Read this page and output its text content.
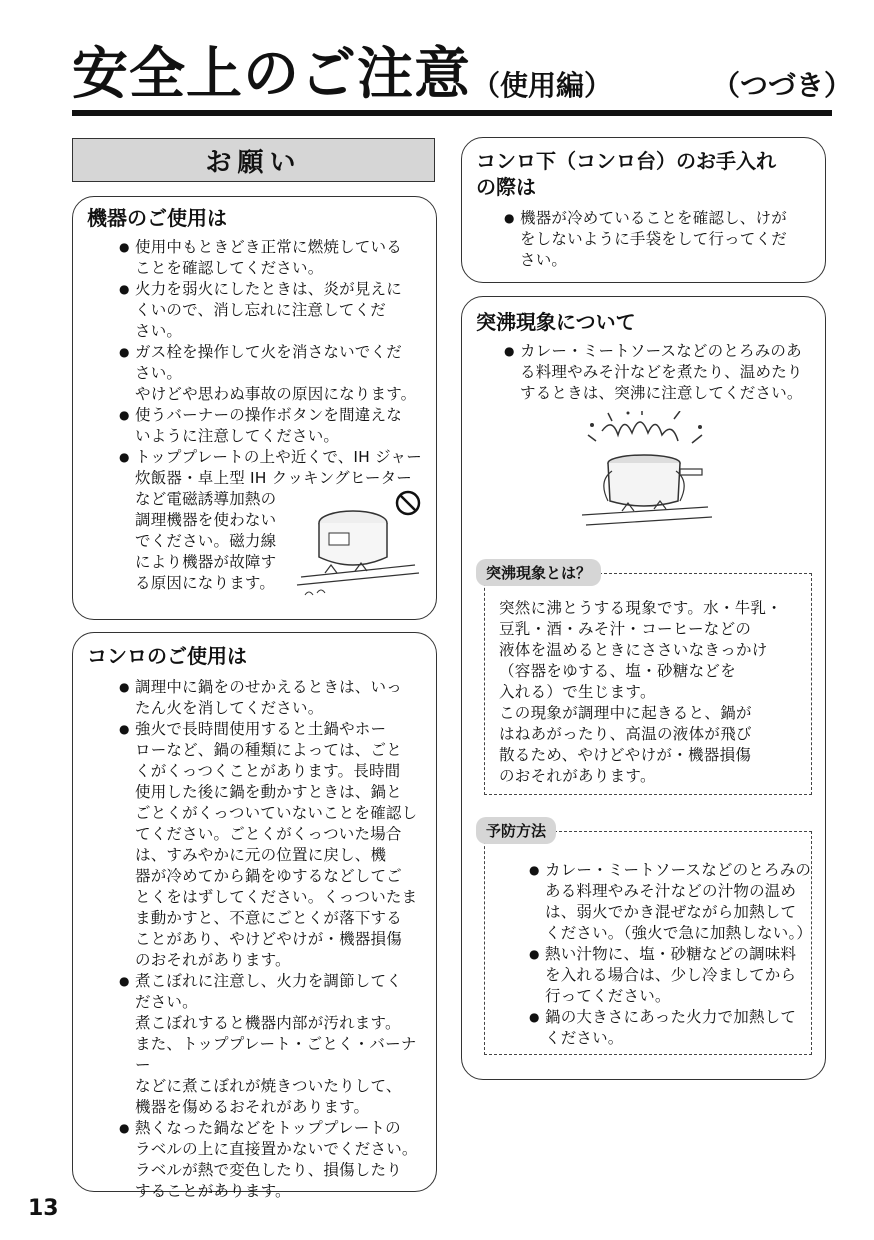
安全上のご注意 （使用編）	（つづき）
お願い

機器のご使用は

● 使用中もときどき正常に燃焼している
ことを確認してください。
● 火力を弱火にしたときは、炎が見えに
くいので、消し忘れに注意してくだ
さい。
● ガス栓を操作して火を消さないでくだ
さい。
やけどや思わぬ事故の原因になります。
● 使うバーナーの操作ボタンを間違えな
いように注意してください。
● トッププレートの上や近くで、IH ジャー
炊飯器・卓上型 IH クッキングヒーター
など電磁誘導加熱の
調理機器を使わない
でください。磁力線
により機器が故障す
る原因になります。

コンロのご使用は

● 調理中に鍋をのせかえるときは、いっ
たん火を消してください。
● 強火で長時間使用すると土鍋やホー
ローなど、鍋の種類によっては、ごと
くがくっつくことがあります。長時間
使用した後に鍋を動かすときは、鍋と
ごとくがくっついていないことを確認し
てください。ごとくがくっついた場合
は、すみやかに元の位置に戻し、機
器が冷めてから鍋をゆするなどしてご
とくをはずしてください。くっついたま
ま動かすと、不意にごとくが落下する
ことがあり、やけどやけが・機器損傷
のおそれがあります。
● 煮こぼれに注意し、火力を調節してく
ださい。
煮こぼれすると機器内部が汚れます。
また、トッププレート・ごとく・バーナー
などに煮こぼれが焼きついたりして、
機器を傷めるおそれがあります。
● 熱くなった鍋などをトッププレートの
ラベルの上に直接置かないでください。
ラベルが熱で変色したり、損傷したり
することがあります。

コンロ下（コンロ台）のお手入れ

の際は

● 機器が冷めていることを確認し、けが
をしないように手袋をして行ってくだ
さい。

突沸現象について

● カレー・ミートソースなどのとろみのあ
る料理やみそ汁などを煮たり、温めたり
するときは、突沸に注意してください。

突然に沸とうする現象です。水・牛乳・

豆乳・酒・みそ汁・コーヒーなどの

液体を温めるときにささいなきっかけ

（容器をゆする、塩・砂糖などを

入れる）で生じます。

この現象が調理中に起きると、鍋が

はねあがったり、高温の液体が飛び

散るため、やけどやけが・機器損傷

のおそれがあります。

突沸現象とは？
● カレー・ミートソースなどのとろみの
ある料理やみそ汁などの汁物の温め
は、弱火でかき混ぜながら加熱して
ください。（強火で急に加熱しない。）
● 熱い汁物に、塩・砂糖などの調味料
を入れる場合は、少し冷ましてから
行ってください。
● 鍋の大きさにあった火力で加熱して
ください。
予防方法
13
